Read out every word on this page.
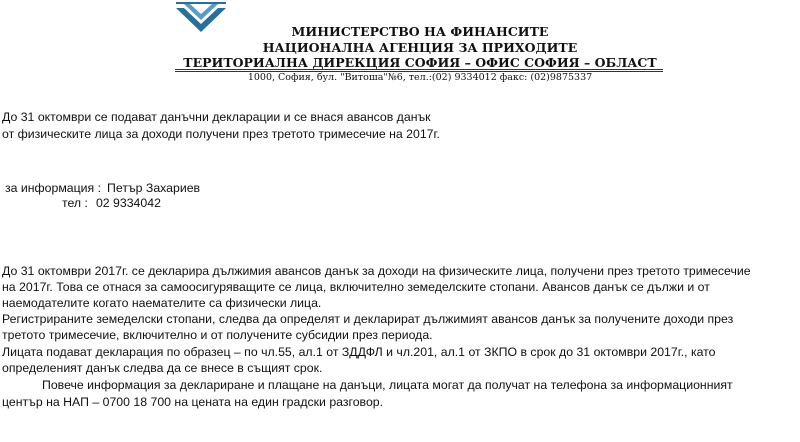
МИНИСТЕРСТВО НА ФИНАНСИТЕ
НАЦИОНАЛНА АГЕНЦИЯ ЗА ПРИХОДИТЕ
ТЕРИТОРИАЛНА ДИРЕКЦИЯ СОФИЯ – ОФИС СОФИЯ – ОБЛАСТ
1000, София, бул. "Витоша"№6, тел.:(02) 9334012 факс: (02)9875337
До 31 октомври се подават данъчни декларации и се внася авансов данък
от физическите лица за доходи получени през третото тримесечие на 2017г.
за информация : Петър Захариев
тел : 02 9334042
До 31 октомври 2017г. се декларира дължимия авансов данък за доходи на физическите лица, получени през третото тримесечие
на 2017г. Това се отнася за самоосигуряващите се лица, включително земеделските стопани. Авансов данък се дължи и от
наемодателите когато наемателите са физически лица.
Регистрираните земеделски стопани, следва да определят и декларират дължимият авансов данък за получените доходи през
третото тримесечие, включително и от получените субсидии през периода.
Лицата подават декларация по образец – по чл.55, ал.1 от ЗДДФЛ и чл.201, ал.1 от ЗКПО в срок до 31 октомври 2017г., като
определеният данък следва да се внесе в същият срок.
Повече информация за деклариране и плащане на данъци, лицата могат да получат на телефона за информационният
център на НАП – 0700 18 700 на цената на един градски разговор.
